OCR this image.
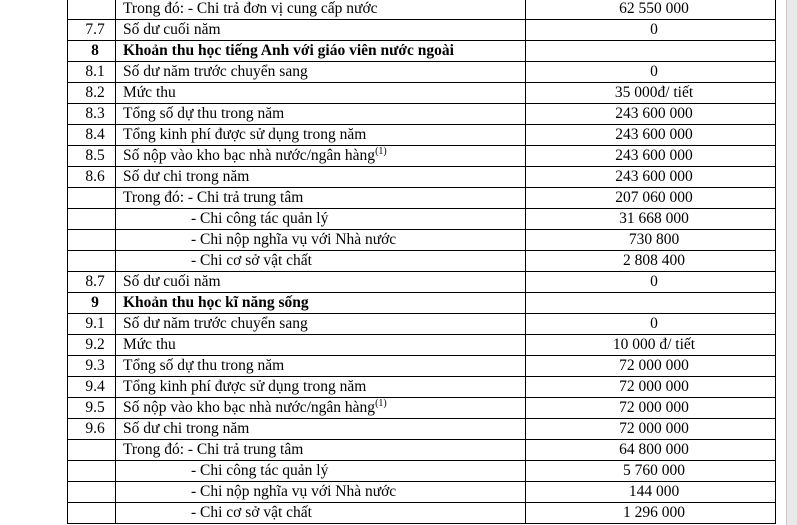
	Trong đó: - Chi trả đơn vị cung cấp nước	62 550 000
7.7	Số dư cuối năm	0
8	Khoản thu học tiếng Anh với giáo viên nước ngoài	
8.1	Số dư năm trước chuyển sang	0
8.2	Mức thu	35 000đ/ tiết
8.3	Tổng số dự thu trong năm	243 600 000
8.4	Tổng kinh phí được sử dụng trong năm	243 600 000
8.5	Số nộp vào kho bạc nhà nước/ngân hàng$^{(1)}$	243 600 000
8.6	Số dư chi trong năm	243 600 000
	Trong đó: - Chi trả trung tâm	207 060 000
	- Chi công tác quản lý	31 668 000
	- Chi nộp nghĩa vụ với Nhà nước	730 800
	- Chi cơ sở vật chất	2 808 400
8.7	Số dư cuối năm	0
9	Khoản thu học kĩ năng sống	
9.1	Số dư năm trước chuyển sang	0
9.2	Mức thu	10 000 đ/ tiết
9.3	Tổng số dự thu trong năm	72 000 000
9.4	Tổng kinh phí được sử dụng trong năm	72 000 000
9.5	Số nộp vào kho bạc nhà nước/ngân hàng$^{(1)}$	72 000 000
9.6	Số dư chi trong năm	72 000 000
	Trong đó: - Chi trả trung tâm	64 800 000
	- Chi công tác quản lý	5 760 000
	- Chi nộp nghĩa vụ với Nhà nước	144 000
	- Chi cơ sở vật chất	1 296 000
